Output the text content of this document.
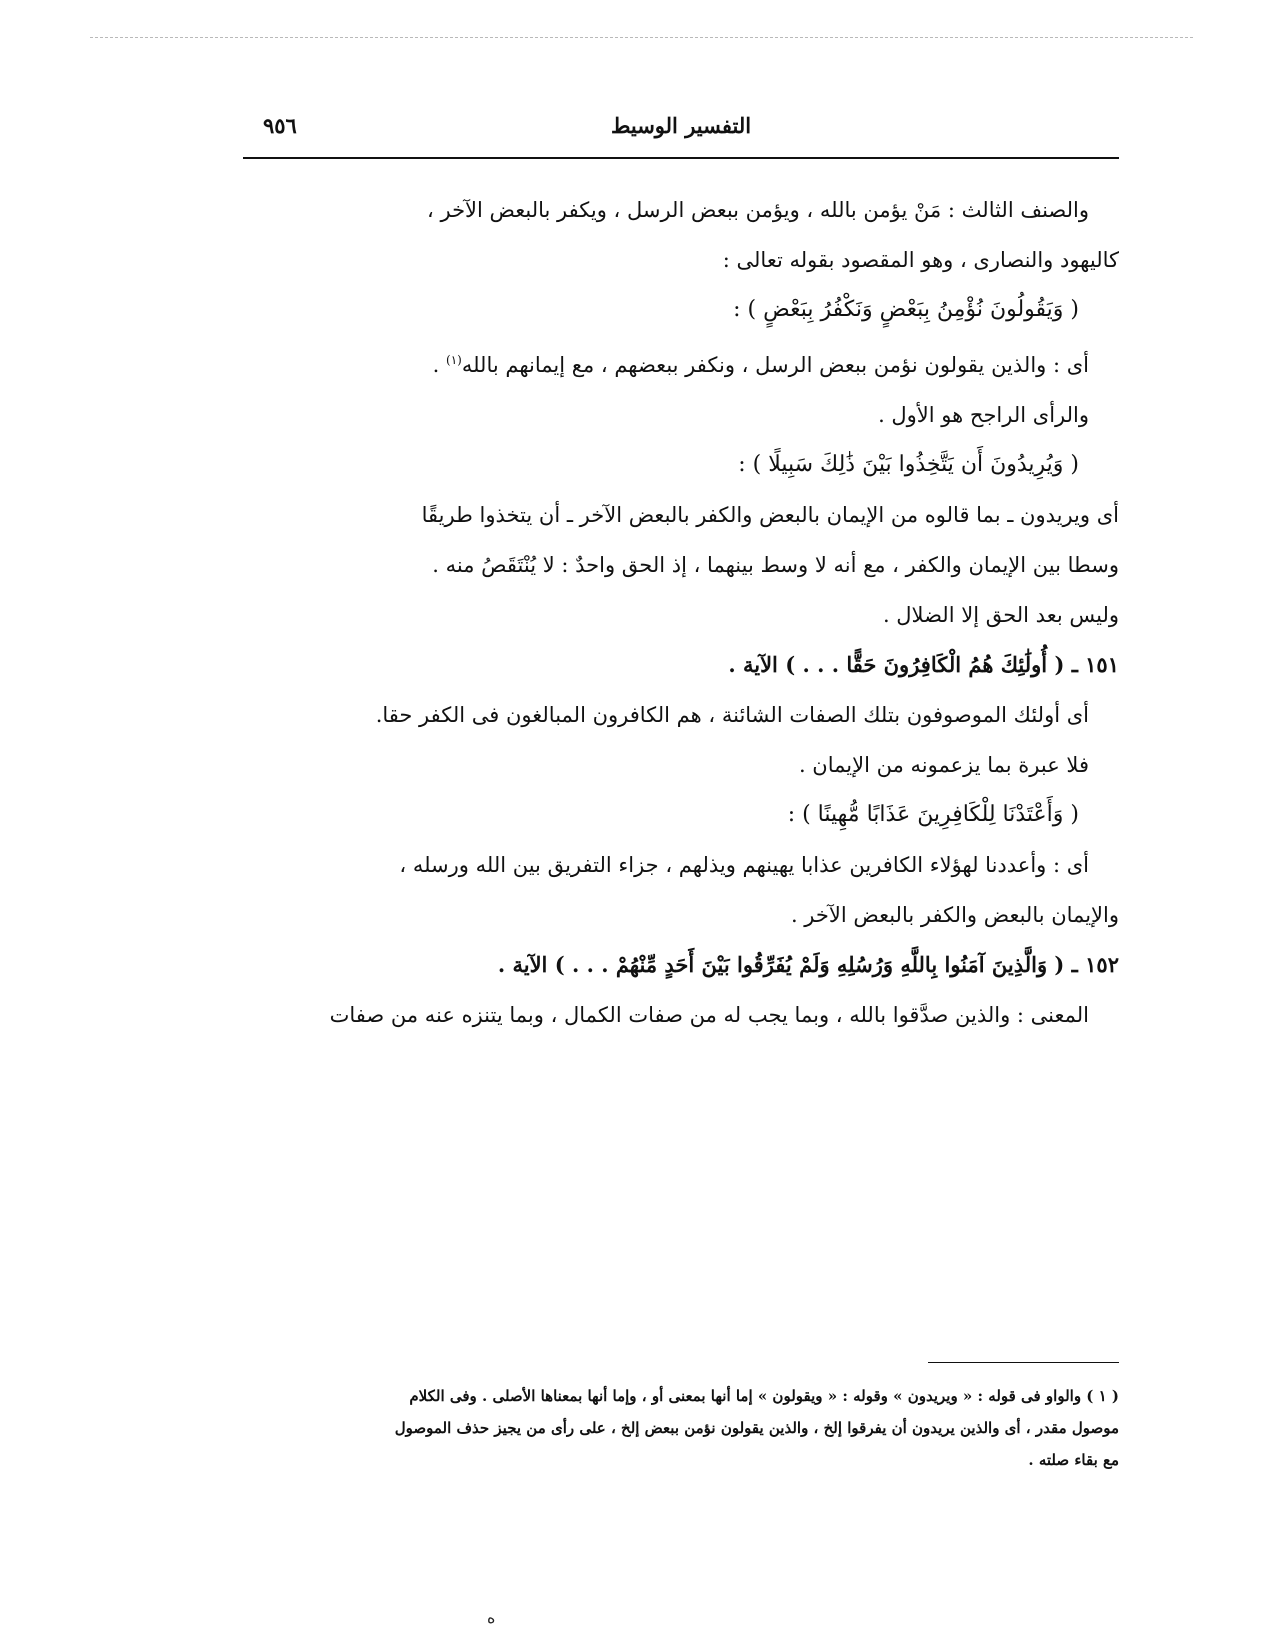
التفسير الوسيط
٩٥٦

والصنف الثالث : مَنْ يؤمن بالله ، ويؤمن ببعض الرسل ، ويكفر بالبعض الآخر ،

كاليهود والنصارى ، وهو المقصود بقوله تعالى :

( وَيَقُولُونَ نُؤْمِنُ بِبَعْضٍ وَنَكْفُرُ بِبَعْضٍ ) :

أى : والذين يقولون نؤمن ببعض الرسل ، ونكفر ببعضهم ، مع إيمانهم بالله$^{(١)}$ .

والرأى الراجح هو الأول .

( وَيُرِيدُونَ أَن يَتَّخِذُوا بَيْنَ ذَٰلِكَ سَبِيلًا ) :

أى ويريدون ـ بما قالوه من الإيمان بالبعض والكفر بالبعض الآخر ـ أن يتخذوا طريقًا

وسطا بين الإيمان والكفر ، مع أنه لا وسط بينهما ، إذ الحق واحدٌ : لا يُنْتَقَصُ منه .

وليس بعد الحق إلا الضلال .

١٥١ ـ ( أُولَٰئِكَ هُمُ الْكَافِرُونَ حَقًّا . . . ) الآية .

أى أولئك الموصوفون بتلك الصفات الشائنة ، هم الكافرون المبالغون فى الكفر حقا.

فلا عبرة بما يزعمونه من الإيمان .

( وَأَعْتَدْنَا لِلْكَافِرِينَ عَذَابًا مُّهِينًا ) :

أى : وأعددنا لهؤلاء الكافرين عذابا يهينهم ويذلهم ، جزاء التفريق بين الله ورسله ،

والإيمان بالبعض والكفر بالبعض الآخر .

١٥٢ ـ ( وَالَّذِينَ آمَنُوا بِاللَّهِ وَرُسُلِهِ وَلَمْ يُفَرِّقُوا بَيْنَ أَحَدٍ مِّنْهُمْ . . . ) الآية .

المعنى : والذين صدَّقوا بالله ، وبما يجب له من صفات الكمال ، وبما يتنزه عنه من صفات

( ١ ) والواو فى قوله : « ويريدون » وقوله : « ويقولون » إما أنها بمعنى أو ، وإما أنها بمعناها الأصلى . وفى الكلام

موصول مقدر ، أى والذين يريدون أن يفرقوا إلخ ، والذين يقولون نؤمن ببعض إلخ ، على رأى من يجيز حذف الموصول

مع بقاء صلته .

ه
